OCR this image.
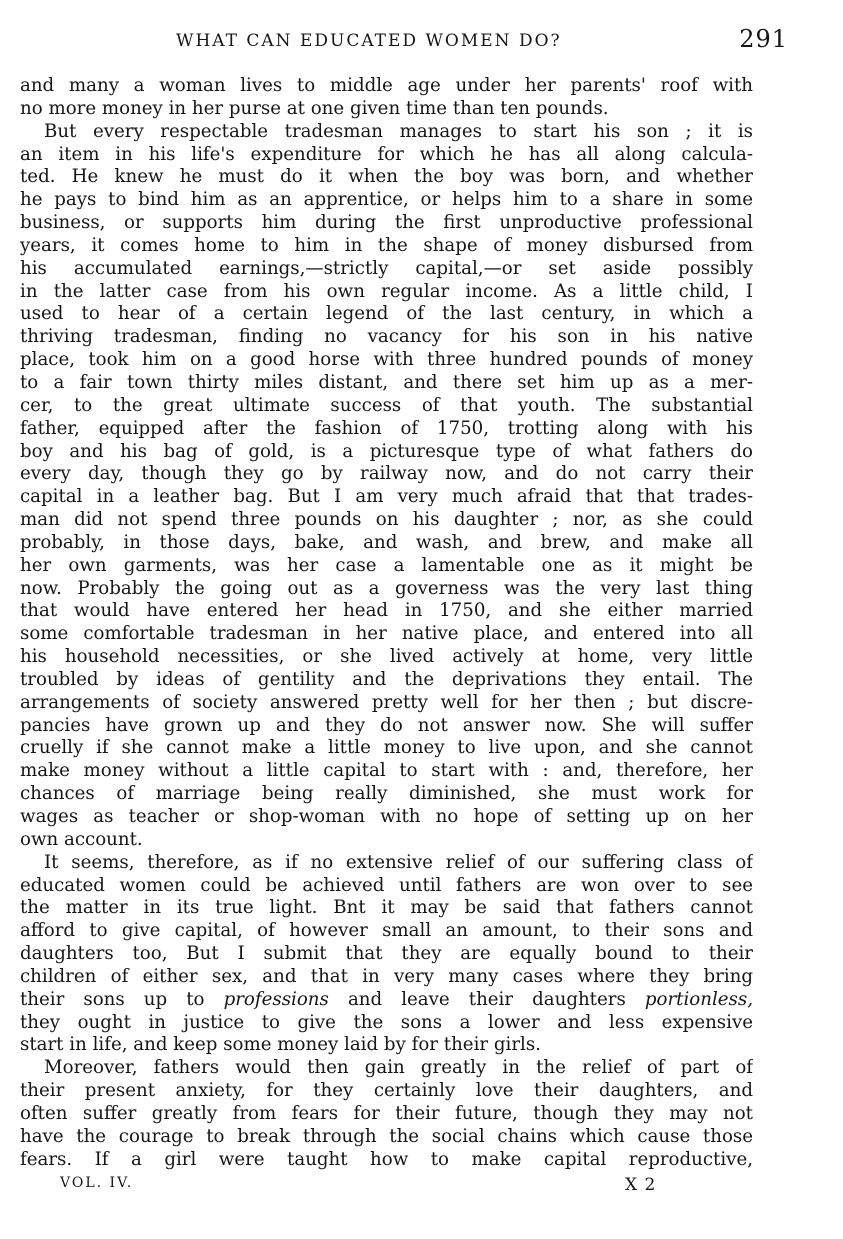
WHAT CAN EDUCATED WOMEN DO?	291
and many a woman lives to middle age under her parents' roof with
no more money in her purse at one given time than ten pounds.
But every respectable tradesman manages to start his son ; it is
an item in his life's expenditure for which he has all along calcula-
ted. He knew he must do it when the boy was born, and whether
he pays to bind him as an apprentice, or helps him to a share in some
business, or supports him during the first unproductive professional
years, it comes home to him in the shape of money disbursed from
his accumulated earnings,—strictly capital,—or set aside possibly
in the latter case from his own regular income. As a little child, I
used to hear of a certain legend of the last century, in which a
thriving tradesman, finding no vacancy for his son in his native
place, took him on a good horse with three hundred pounds of money
to a fair town thirty miles distant, and there set him up as a mer-
cer, to the great ultimate success of that youth. The substantial
father, equipped after the fashion of 1750, trotting along with his
boy and his bag of gold, is a picturesque type of what fathers do
every day, though they go by railway now, and do not carry their
capital in a leather bag. But I am very much afraid that that trades-
man did not spend three pounds on his daughter ; nor, as she could
probably, in those days, bake, and wash, and brew, and make all
her own garments, was her case a lamentable one as it might be
now. Probably the going out as a governess was the very last thing
that would have entered her head in 1750, and she either married
some comfortable tradesman in her native place, and entered into all
his household necessities, or she lived actively at home, very little
troubled by ideas of gentility and the deprivations they entail. The
arrangements of society answered pretty well for her then ; but discre-
pancies have grown up and they do not answer now. She will suffer
cruelly if she cannot make a little money to live upon, and she cannot
make money without a little capital to start with : and, therefore, her
chances of marriage being really diminished, she must work for
wages as teacher or shop-woman with no hope of setting up on her
own account.
It seems, therefore, as if no extensive relief of our suffering class of
educated women could be achieved until fathers are won over to see
the matter in its true light. Bnt it may be said that fathers cannot
afford to give capital, of however small an amount, to their sons and
daughters too, But I submit that they are equally bound to their
children of either sex, and that in very many cases where they bring
their sons up to professions and leave their daughters portionless,
they ought in justice to give the sons a lower and less expensive
start in life, and keep some money laid by for their girls.
Moreover, fathers would then gain greatly in the relief of part of
their present anxiety, for they certainly love their daughters, and
often suffer greatly from fears for their future, though they may not
have the courage to break through the social chains which cause those
fears. If a girl were taught how to make capital reproductive,
VOL. IV.	X 2
